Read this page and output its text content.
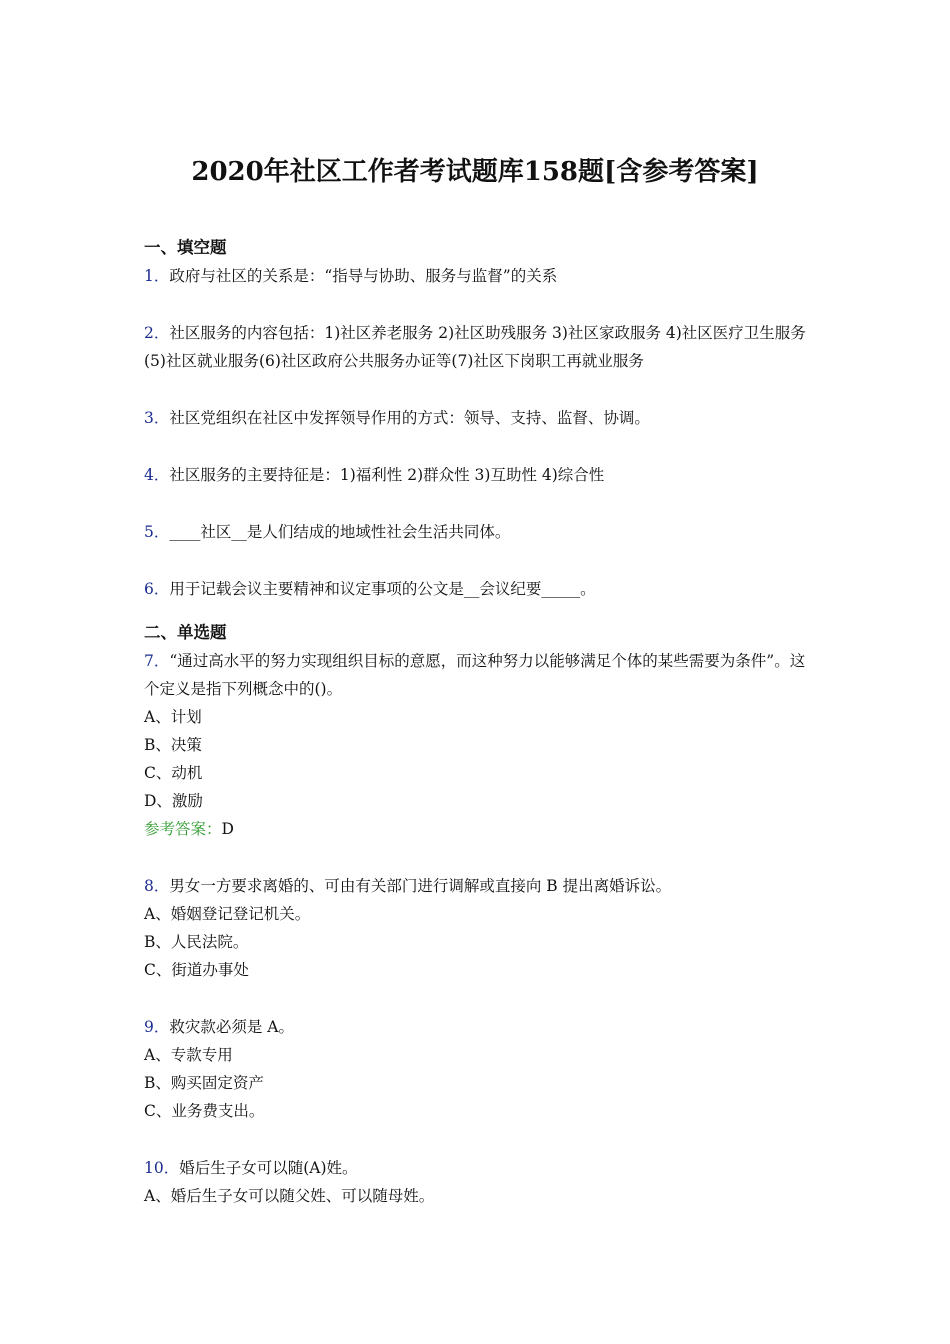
2020年社区工作者考试题库158题[含参考答案]
一、填空题
1．政府与社区的关系是：“指导与协助、服务与监督”的关系
2．社区服务的内容包括：1)社区养老服务 2)社区助残服务 3)社区家政服务 4)社区医疗卫生服务(5)社区就业服务(6)社区政府公共服务办证等(7)社区下岗职工再就业服务
3．社区党组织在社区中发挥领导作用的方式：领导、支持、监督、协调。
4．社区服务的主要持征是：1)福利性 2)群众性 3)互助性 4)综合性
5．____社区__是人们结成的地域性社会生活共同体。
6．用于记载会议主要精神和议定事项的公文是__会议纪要_____。
二、单选题
7．“通过高水平的努力实现组织目标的意愿，而这种努力以能够满足个体的某些需要为条件”。这个定义是指下列概念中的()。
A、计划
B、决策
C、动机
D、激励
参考答案：D
8．男女一方要求离婚的、可由有关部门进行调解或直接向 B 提出离婚诉讼。
A、婚姻登记登记机关。
B、人民法院。
C、街道办事处
9．救灾款必须是 A。
A、专款专用
B、购买固定资产
C、业务费支出。
10．婚后生子女可以随(A)姓。
A、婚后生子女可以随父姓、可以随母姓。
